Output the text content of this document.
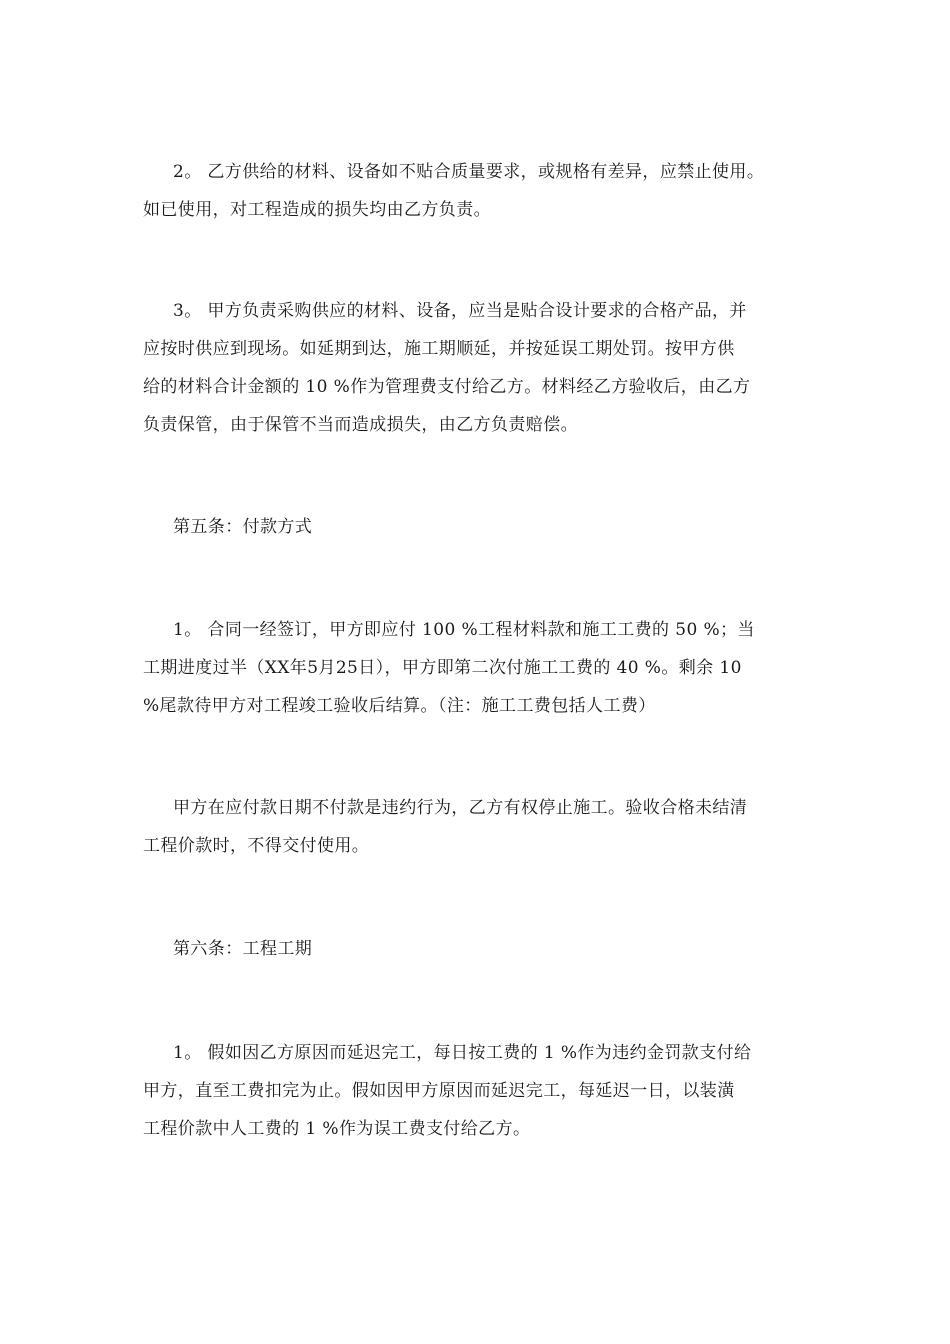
2。 乙方供给的材料、设备如不贴合质量要求，或规格有差异，应禁止使用。
如已使用，对工程造成的损失均由乙方负责。
3。 甲方负责采购供应的材料、设备，应当是贴合设计要求的合格产品，并
应按时供应到现场。如延期到达，施工期顺延，并按延误工期处罚。按甲方供
给的材料合计金额的 10 %作为管理费支付给乙方。材料经乙方验收后，由乙方
负责保管，由于保管不当而造成损失，由乙方负责赔偿。
第五条：付款方式
1。 合同一经签订，甲方即应付 100 %工程材料款和施工工费的 50 %；当
工期进度过半（XX年5月25日），甲方即第二次付施工工费的 40 %。剩余 10
%尾款待甲方对工程竣工验收后结算。（注：施工工费包括人工费）
甲方在应付款日期不付款是违约行为，乙方有权停止施工。验收合格未结清
工程价款时，不得交付使用。
第六条：工程工期
1。 假如因乙方原因而延迟完工，每日按工费的 1 %作为违约金罚款支付给
甲方，直至工费扣完为止。假如因甲方原因而延迟完工，每延迟一日，以装潢
工程价款中人工费的 1 %作为误工费支付给乙方。
